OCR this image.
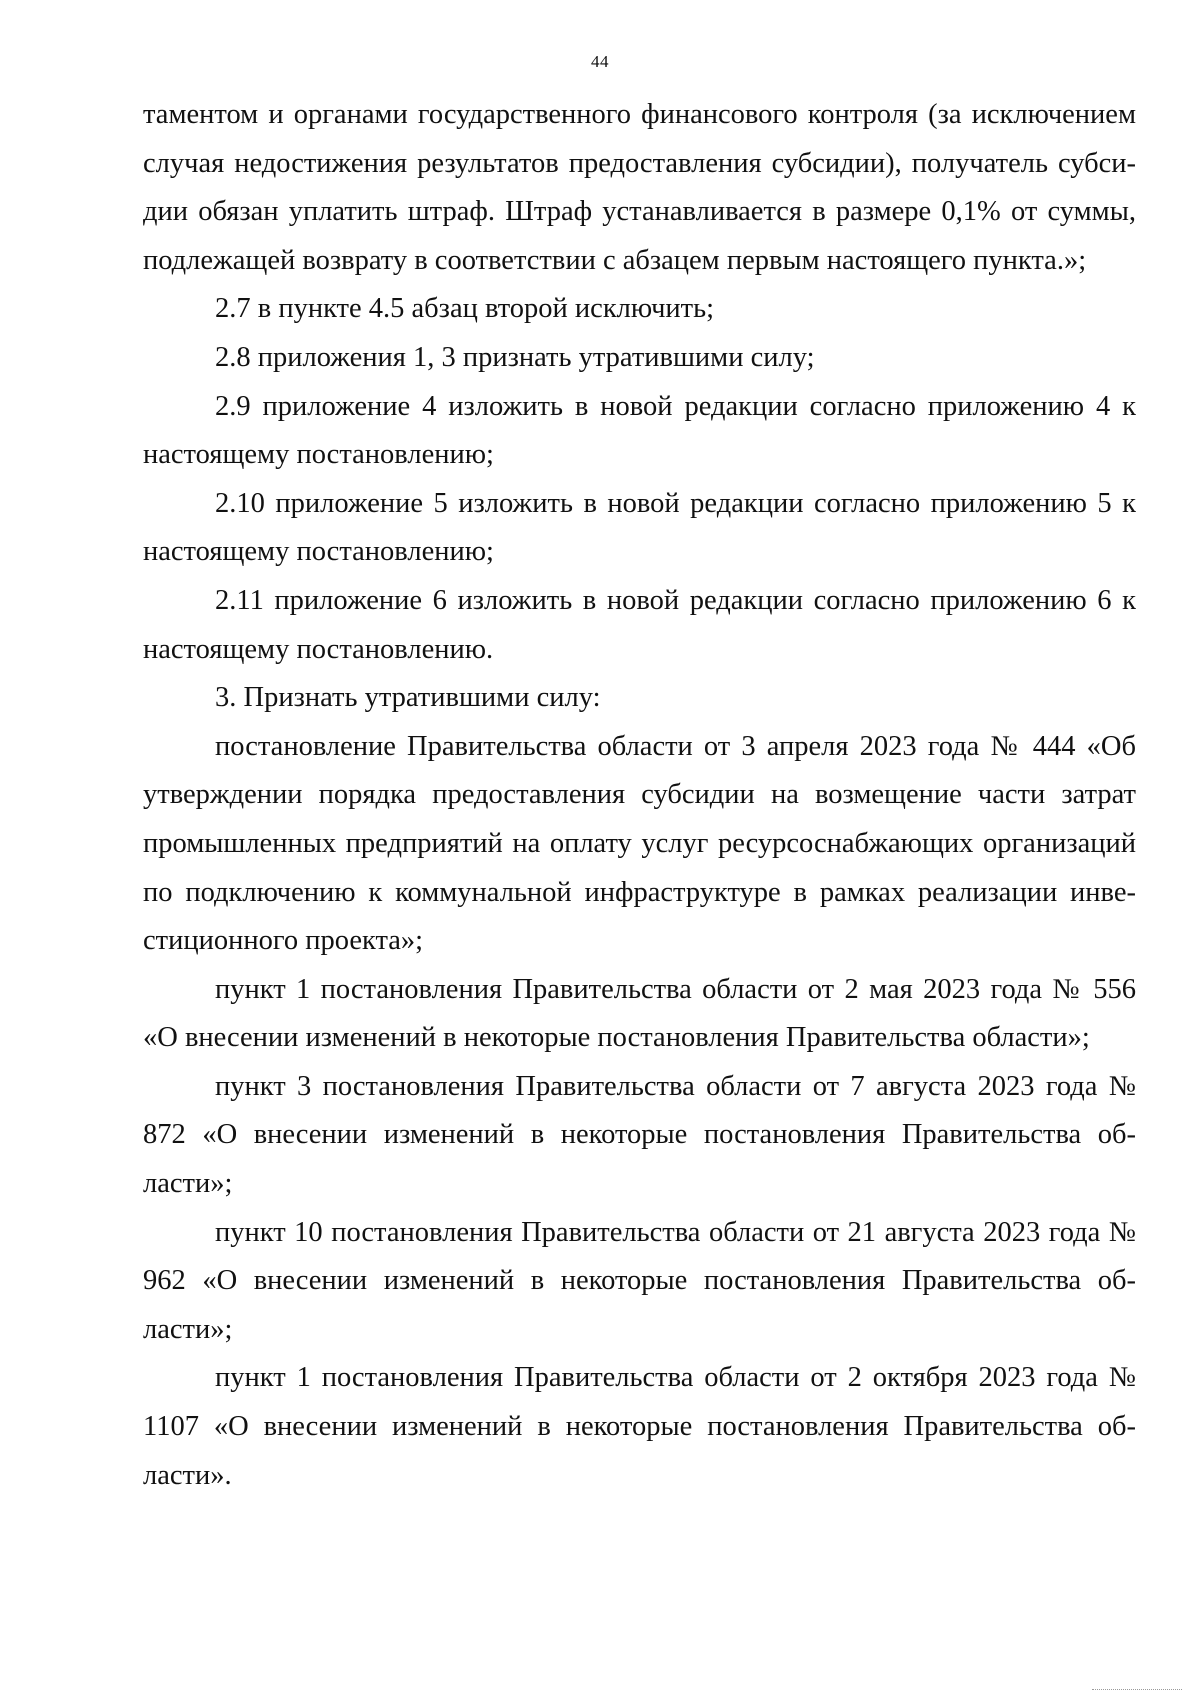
44

таментом и органами государственного финансового контроля (за исключением случая недостижения результатов предоставления субсидии), получатель субсидии обязан уплатить штраф. Штраф устанавливается в размере 0,1% от суммы, подлежащей возврату в соответствии с абзацем первым настоящего пункта.»;

2.7 в пункте 4.5 абзац второй исключить;

2.8 приложения 1, 3 признать утратившими силу;

2.9 приложение 4 изложить в новой редакции согласно приложению 4 к настоящему постановлению;

2.10 приложение 5 изложить в новой редакции согласно приложению 5 к настоящему постановлению;

2.11 приложение 6 изложить в новой редакции согласно приложению 6 к настоящему постановлению.

3. Признать утратившими силу:

постановление Правительства области от 3 апреля 2023 года № 444 «Об утверждении порядка предоставления субсидии на возмещение части затрат промышленных предприятий на оплату услуг ресурсоснабжающих организаций по подключению к коммунальной инфраструктуре в рамках реализации инвестиционного проекта»;

пункт 1 постановления Правительства области от 2 мая 2023 года № 556 «О внесении изменений в некоторые постановления Правительства области»;

пункт 3 постановления Правительства области от 7 августа 2023 года № 872 «О внесении изменений в некоторые постановления Правительства области»;

пункт 10 постановления Правительства области от 21 августа 2023 года № 962 «О внесении изменений в некоторые постановления Правительства области»;

пункт 1 постановления Правительства области от 2 октября 2023 года № 1107 «О внесении изменений в некоторые постановления Правительства области».
